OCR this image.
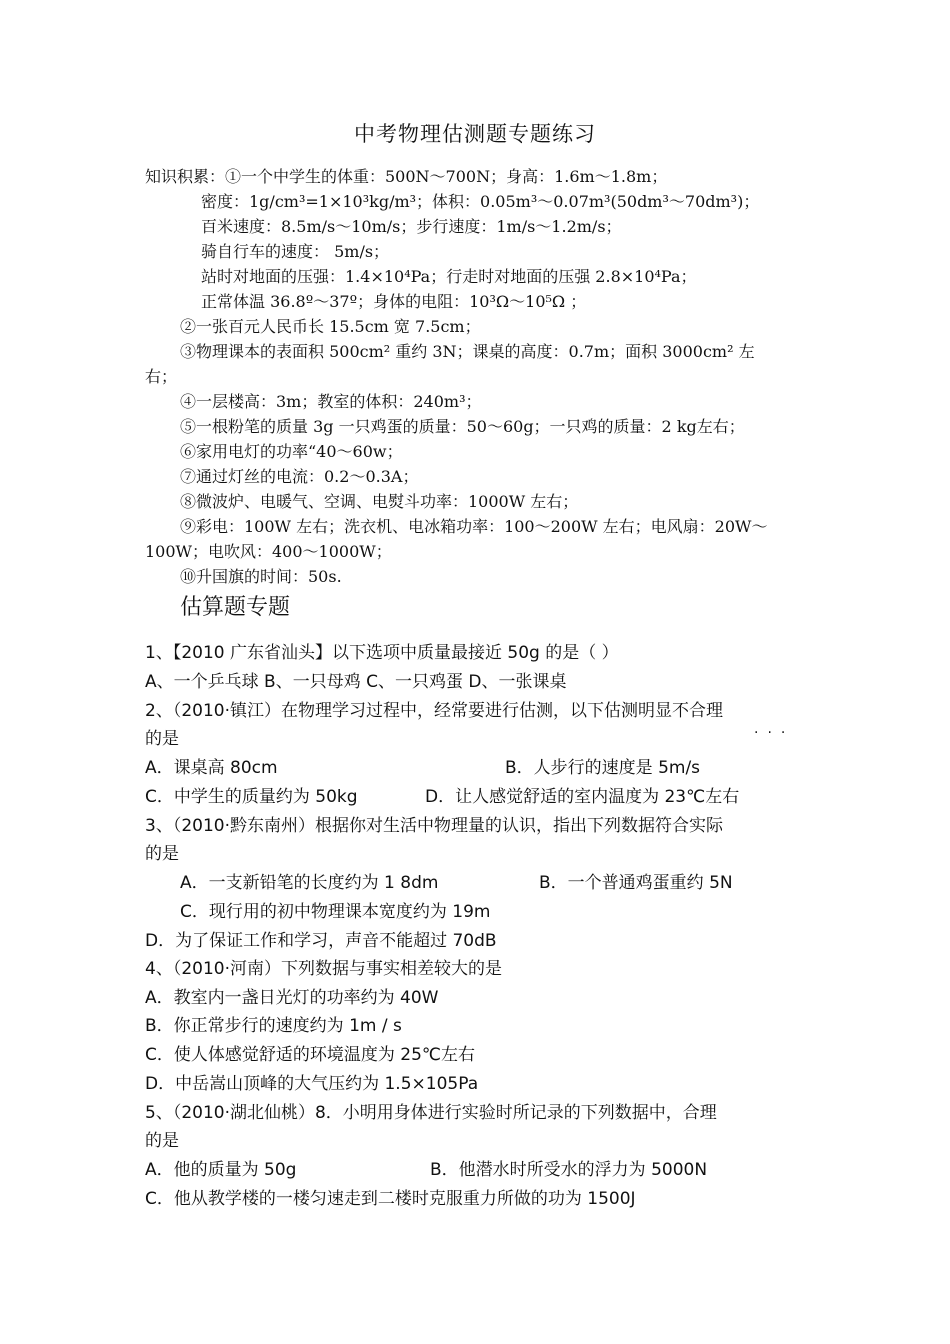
中考物理估测题专题练习
知识积累：①一个中学生的体重：500N～700N；身高：1.6m～1.8m；
密度：1g/cm³=1×10³kg/m³；体积：0.05m³～0.07m³(50dm³～70dm³)；
百米速度：8.5m/s～10m/s；步行速度：1m/s～1.2m/s；
骑自行车的速度： 5m/s；
站时对地面的压强：1.4×10⁴Pa；行走时对地面的压强 2.8×10⁴Pa；
正常体温 36.8º～37º；身体的电阻：10³Ω～10⁵Ω ；
②一张百元人民币长 15.5cm 宽 7.5cm；
③物理课本的表面积 500cm² 重约 3N；课桌的高度：0.7m；面积 3000cm² 左
右；
④一层楼高：3m；教室的体积：240m³；
⑤一根粉笔的质量 3g 一只鸡蛋的质量：50～60g；一只鸡的质量：2 kg左右；
⑥家用电灯的功率“40～60w；
⑦通过灯丝的电流：0.2～0.3A；
⑧微波炉、电暖气、空调、电熨斗功率：1000W 左右；
⑨彩电：100W 左右；洗衣机、电冰箱功率：100～200W 左右；电风扇：20W～
100W；电吹风：400～1000W；
⑩升国旗的时间：50s.
估算题专题
1、【2010 广东省汕头】以下选项中质量最接近 50g 的是（ ）
A、一个乒乓球 B、一只母鸡 C、一只鸡蛋 D、一张课桌
2、（2010·镇江）在物理学习过程中，经常要进行估测，以下估测明显不合理
···
的是
A．课桌高 80cm	B．人步行的速度是 5m/s
C．中学生的质量约为 50kg	D．让人感觉舒适的室内温度为 23℃左右
3、（2010·黔东南州）根据你对生活中物理量的认识，指出下列数据符合实际
的是
A．一支新铅笔的长度约为 1 8dm	B．一个普通鸡蛋重约 5N
C．现行用的初中物理课本宽度约为 19m
D．为了保证工作和学习，声音不能超过 70dB
4、（2010·河南）下列数据与事实相差较大的是
A．教室内一盏日光灯的功率约为 40W
B．你正常步行的速度约为 1m / s
C．使人体感觉舒适的环境温度为 25℃左右
D．中岳嵩山顶峰的大气压约为 1.5×105Pa
5、（2010·湖北仙桃）8．小明用身体进行实验时所记录的下列数据中，合理
的是
A．他的质量为 50g	B．他潜水时所受水的浮力为 5000N
C．他从教学楼的一楼匀速走到二楼时克服重力所做的功为 1500J
